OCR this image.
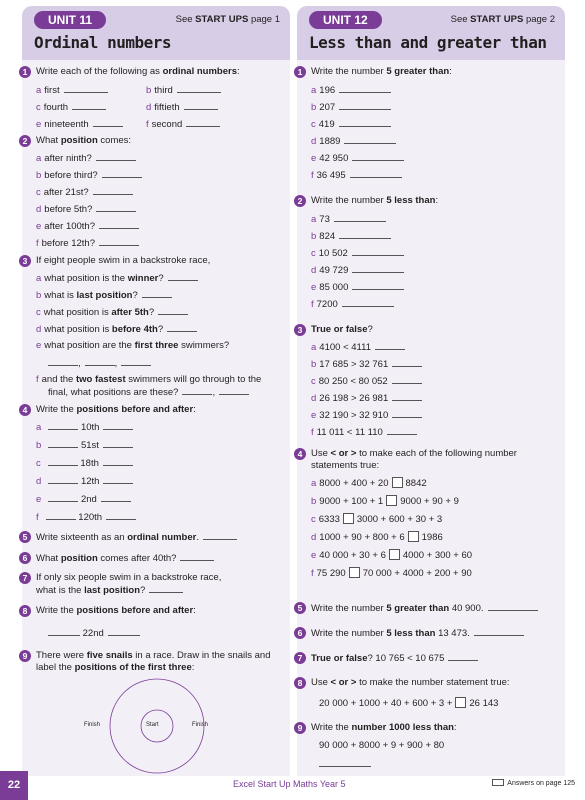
UNIT 11	See START UPS page 1
Ordinal numbers
1 Write each of the following as ordinal numbers:
a first	b third
c fourth	d fiftieth
e nineteenth	f second
2 What position comes:
a after ninth?
b before third?
c after 21st?
d before 5th?
e after 100th?
f before 12th?
3 If eight people swim in a backstroke race,
a what position is the winner?
b what is last position?
c what position is after 5th?
d what position is before 4th?
e what position are the first three swimmers?
,	,
f and the two fastest swimmers will go through to the
final, what positions are these?	,
4 Write the positions before and after:
a	10th
b	51st
c	18th
d	12th
e	2nd
f	120th
5 Write sixteenth as an ordinal number.
6 What position comes after 40th?
7 If only six people swim in a backstroke race,
what is the last position?
8 Write the positions before and after:
22nd
9 There were five snails in a race. Draw in the snails and
label the positions of the first three:
Start
Finish	Finish
UNIT 12	See START UPS page 2
Less than and greater than
1 Write the number 5 greater than:
a 196
b 207
c 419
d 1889
e 42 950
f 36 495
2 Write the number 5 less than:
a 73
b 824
c 10 502
d 49 729
e 85 000
f 7200
3 True or false?
a 4100 < 4111
b 17 685 > 32 761
c 80 250 < 80 052
d 26 198 > 26 981
e 32 190 > 32 910
f 11 011 < 11 110
4 Use < or > to make each of the following number
statements true:
a 8000 + 400 + 20 8842
b 9000 + 100 + 1 9000 + 90 + 9
c 6333 3000 + 600 + 30 + 3
d 1000 + 90 + 800 + 6 1986
e 40 000 + 30 + 6 4000 + 300 + 60
f 75 290 70 000 + 4000 + 200 + 90
5 Write the number 5 greater than 40 900.
6 Write the number 5 less than 13 473.
7 True or false? 10 765 < 10 675
8 Use < or > to make the number statement true:
20 000 + 1000 + 40 + 600 + 3 + 26 143
9 Write the number 1000 less than:
90 000 + 8000 + 9 + 900 + 80
22	Excel Start Up Maths Year 5	Answers on page 125
